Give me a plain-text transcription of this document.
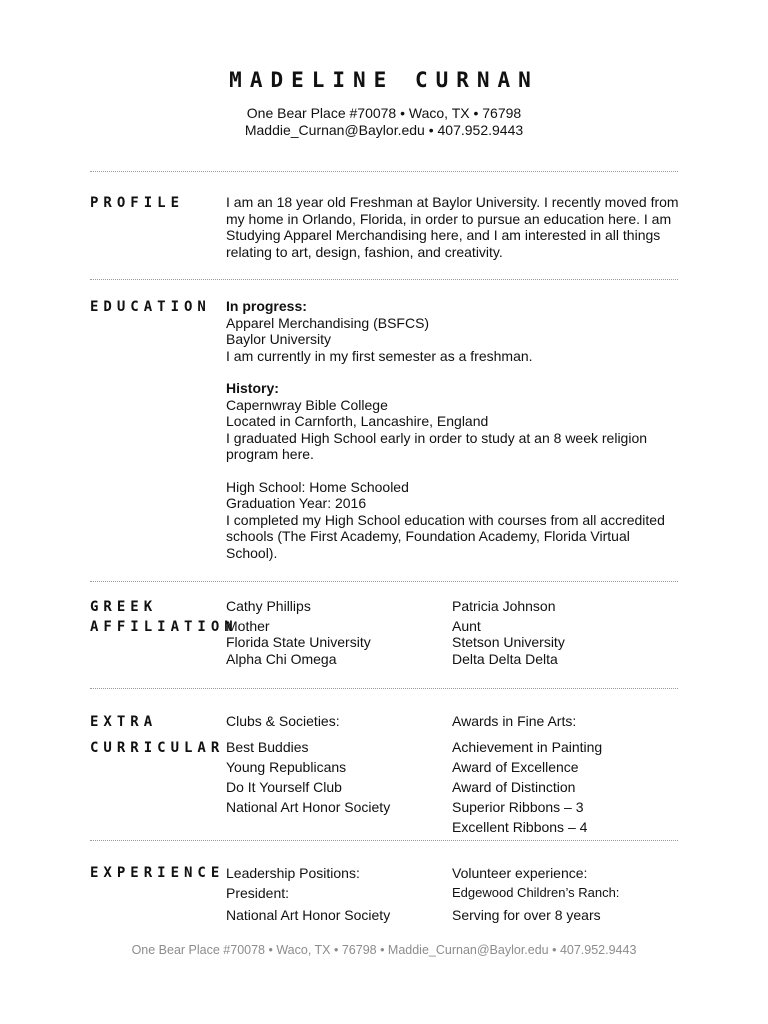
MADELINE CURNAN
One Bear Place #70078 • Waco, TX • 76798
Maddie_Curnan@Baylor.edu • 407.952.9443
PROFILE	I am an 18 year old Freshman at Baylor University. I recently moved from

my home in Orlando, Florida, in order to pursue an education here. I am

Studying Apparel Merchandising here, and I am interested in all things

relating to art, design, fashion, and creativity.

EDUCATION In progress:

Apparel Merchandising (BSFCS)

Baylor University

I am currently in my first semester as a freshman.

History:

Capernwray Bible College

Located in Carnforth, Lancashire, England

I graduated High School early in order to study at an 8 week religion

program here.

High School: Home Schooled

Graduation Year: 2016

I completed my High School education with courses from all accredited

schools (The First Academy, Foundation Academy, Florida Virtual

School).

GREEK
AFFILIATION

Cathy Phillips

Mother

Florida State University

Alpha Chi Omega

Patricia Johnson

Aunt

Stetson University

Delta Delta Delta

EXTRA
CURRICULAR
Clubs & Societies:
Best Buddies
Young Republicans
Do It Yourself Club
National Art Honor Society
Awards in Fine Arts:
Achievement in Painting
Award of Excellence
Award of Distinction
Superior Ribbons – 3
Excellent Ribbons – 4
EXPERIENCE Leadership Positions:
President:
National Art Honor Society
Volunteer experience:
Edgewood Children’s Ranch:
Serving for over 8 years
One Bear Place #70078 • Waco, TX • 76798 • Maddie_Curnan@Baylor.edu • 407.952.9443
